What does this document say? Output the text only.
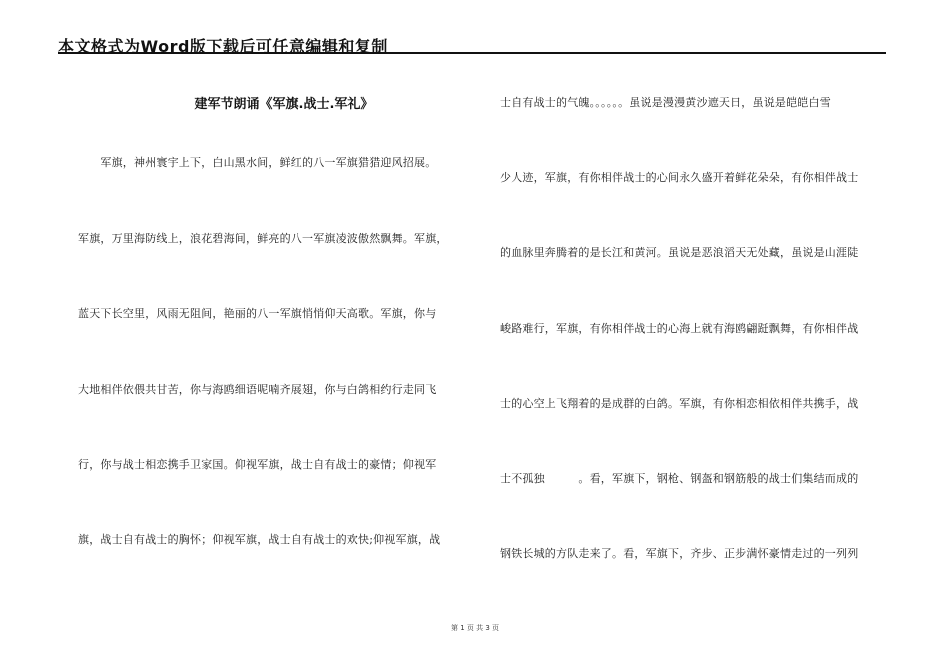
本文格式为Word版下载后可任意编辑和复制
建军节朗诵《军旗.战士.军礼》
　　军旗，神州寰宇上下，白山黑水间，鲜红的八一军旗猎猎迎风招展。
军旗，万里海防线上，浪花碧海间，鲜亮的八一军旗凌波傲然飘舞。军旗，
蓝天下长空里，风雨无阻间，艳丽的八一军旗悄悄仰天高歌。军旗，你与
大地相伴依偎共甘苦，你与海鸥细语呢喃齐展翅，你与白鸽相约行走同飞
行，你与战士相恋携手卫家国。仰视军旗，战士自有战士的豪情；仰视军
旗，战士自有战士的胸怀；仰视军旗，战士自有战士的欢快;仰视军旗，战
士自有战士的气魄。。。。。。虽说是漫漫黄沙遮天日，虽说是皑皑白雪
少人迹，军旗，有你相伴战士的心间永久盛开着鲜花朵朵，有你相伴战士
的血脉里奔腾着的是长江和黄河。虽说是恶浪滔天无处藏，虽说是山涯陡
峻路难行，军旗，有你相伴战士的心海上就有海鸥翩跹飘舞，有你相伴战
士的心空上飞翔着的是成群的白鸽。军旗，有你相恋相依相伴共携手，战
士不孤独　　　。看，军旗下，钢枪、钢盔和钢筋般的战士们集结而成的
钢铁长城的方队走来了。看，军旗下，齐步、正步满怀豪情走过的一列列
第 1 页 共 3 页
